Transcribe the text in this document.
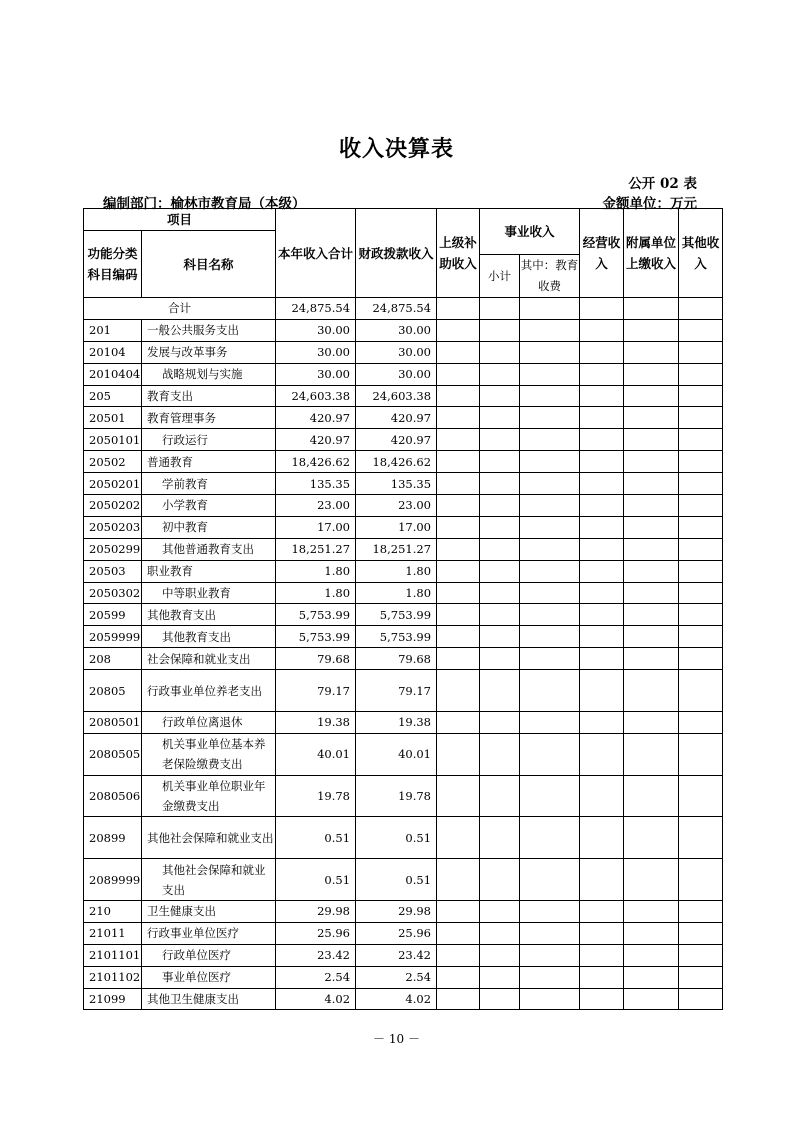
收入决算表
公开 02 表
编制部门：榆林市教育局（本级）	金额单位：万元
项目		本年收入合计	财政拨款收入	上级补助收入	事业收入		经营收入	附属单位上缴收入	其他收入
功能分类科目编码	科目名称								
					小计	其中：教育收费			
合计		24,875.54	24,875.54						
201	一般公共服务支出	30.00	30.00						
20104	发展与改革事务	30.00	30.00						
2010404	战略规划与实施	30.00	30.00						
205	教育支出	24,603.38	24,603.38						
20501	教育管理事务	420.97	420.97						
2050101	行政运行	420.97	420.97						
20502	普通教育	18,426.62	18,426.62						
2050201	学前教育	135.35	135.35						
2050202	小学教育	23.00	23.00						
2050203	初中教育	17.00	17.00						
2050299	其他普通教育支出	18,251.27	18,251.27						
20503	职业教育	1.80	1.80						
2050302	中等职业教育	1.80	1.80						
20599	其他教育支出	5,753.99	5,753.99						
2059999	其他教育支出	5,753.99	5,753.99						
208	社会保障和就业支出	79.68	79.68						
20805	行政事业单位养老支出	79.17	79.17						
2080501	行政单位离退休	19.38	19.38						
2080505	机关事业单位基本养老保险缴费支出	40.01	40.01						
2080506	机关事业单位职业年金缴费支出	19.78	19.78						
20899	其他社会保障和就业支出	0.51	0.51						
2089999	其他社会保障和就业支出	0.51	0.51						
210	卫生健康支出	29.98	29.98						
21011	行政事业单位医疗	25.96	25.96						
2101101	行政单位医疗	23.42	23.42						
2101102	事业单位医疗	2.54	2.54						
21099	其他卫生健康支出	4.02	4.02						
－ 10 －
